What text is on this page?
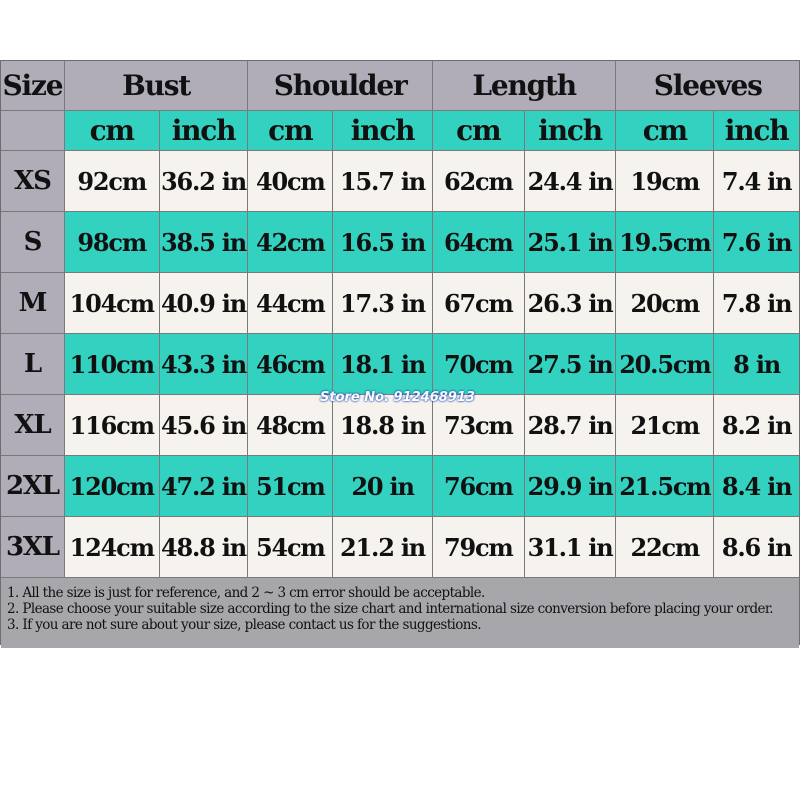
Size	Bust	Shoulder	Length	Sleeves
cm	inch	cm	inch	cm	inch	cm	inch
XS	92cm 36.2 in 40cm 15.7 in 62cm 24.4 in 19cm 7.4 in
S	98cm 38.5 in 42cm 16.5 in 64cm 25.1 in 19.5cm 7.6 in
M 104cm 40.9 in 44cm 17.3 in 67cm 26.3 in 20cm 7.8 in
L	110cm 43.3 in 46cm 18.1 in 70cm 27.5 in 20.5cm 8 in
XL 116cm 45.6 in 48cm 18.8 in 73cm 28.7 in 21cm 8.2 in
2XL 120cm 47.2 in 51cm	20 in	76cm 29.9 in 21.5cm 8.4 in
3XL 124cm 48.8 in 54cm 21.2 in 79cm 31.1 in 22cm 8.6 in
1. All the size is just for reference, and 2 ~ 3 cm error should be acceptable.
2. Please choose your suitable size according to the size chart and international size conversion before placing your order.
3. If you are not sure about your size, please contact us for the suggestions.
Store No. 912468913
